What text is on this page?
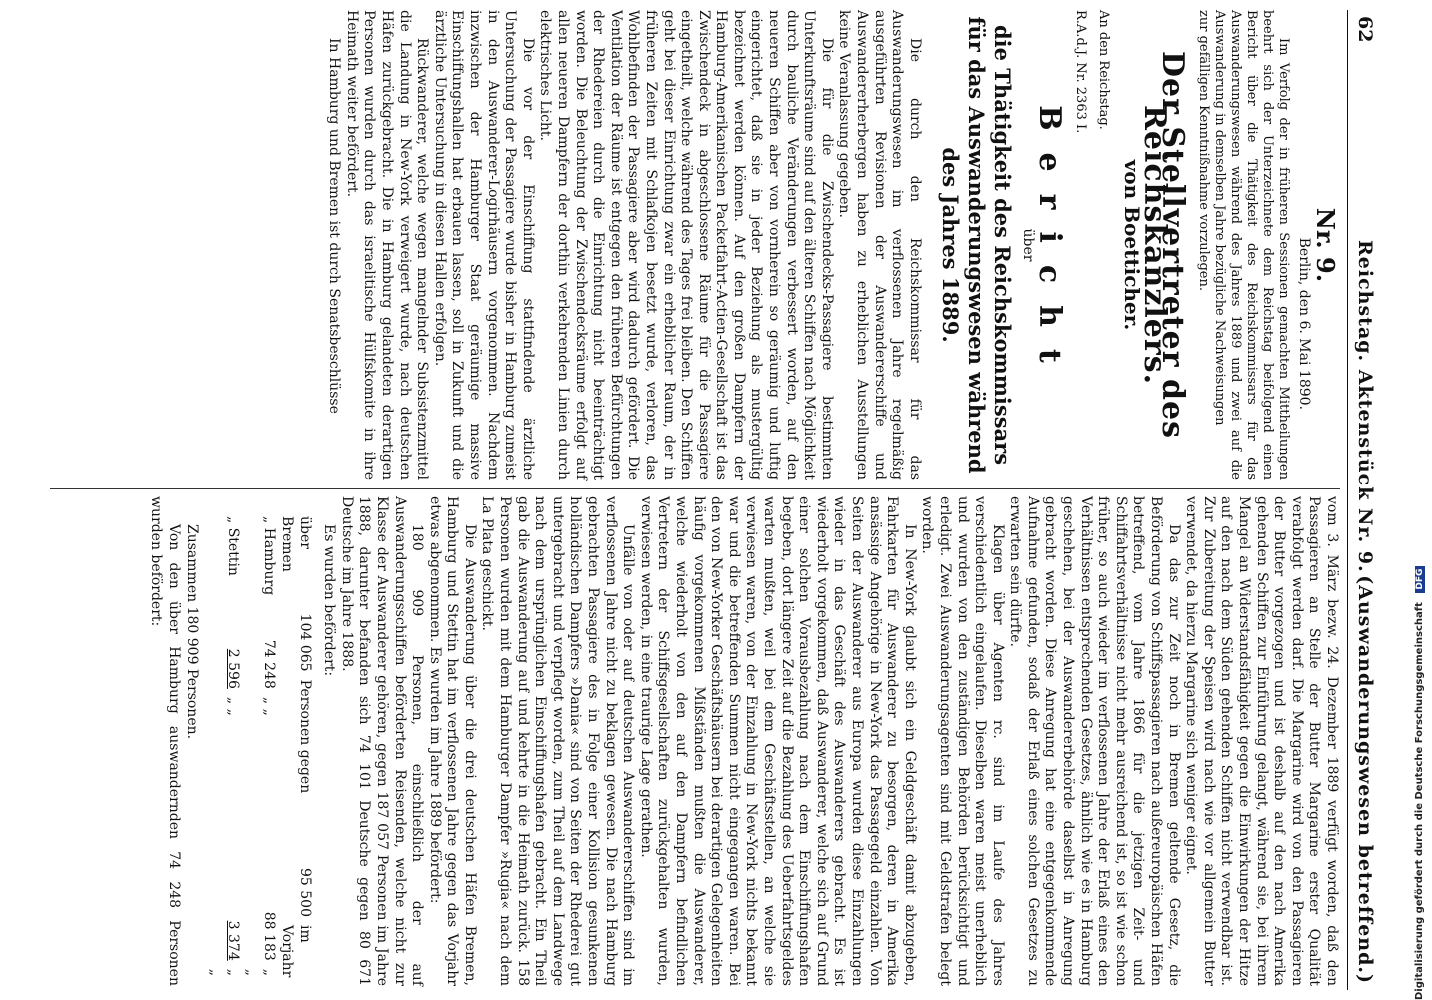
62
Reichstag. Aktenstück Nr. 9.
(Auswanderungswesen betreffend.)
Nr. 9.
Berlin, den 6. Mai 1890.

Im Verfolg der in früheren Sessionen gemachten Mittheilungen beehrt sich der Unterzeichnete dem Reichstag beifolgend einen Bericht über die Thätigkeit des Reichskommissars für das Auswanderungswesen während des Jahres 1889 und zwei auf die Auswanderung in demselben Jahre bezügliche Nachweisungen

zur gefälligen Kenntnißnahme vorzulegen.

Der Stellvertreter des Reichskanzlers.
von Boetticher.
An den Reichstag.
R.A.d.J. Nr. 2363 I.
Bericht
über
die Thätigkeit des Reichskommissars für das Auswanderungswesen während des Jahres 1889.

Die durch den Reichskommissar für das Auswanderungswesen im verflossenen Jahre regelmäßig ausgeführten Revisionen der Auswandererschiffe und Auswandererherbergen haben zu erheblichen Ausstellungen keine Veranlassung gegeben.

Die für die Zwischendecks-Passagiere bestimmten Unterkunftsräume sind auf den älteren Schiffen nach Möglichkeit durch bauliche Veränderungen verbessert worden, auf den neueren Schiffen aber von vornherein so geräumig und luftig eingerichtet, daß sie in jeder Beziehung als mustergültig bezeichnet werden können. Auf den großen Dampfern der Hamburg-Amerikanischen Packetfahrt-Actien-Gesellschaft ist das Zwischendeck in abgeschlossene Räume für die Passagiere eingetheilt, welche während des Tages frei bleiben. Den Schiffen geht bei dieser Einrichtung zwar ein erheblicher Raum, der in früheren Zeiten mit Schlafkojen besetzt wurde, verloren, das Wohlbefinden der Passagiere aber wird dadurch gefördert. Die Ventilation der Räume ist entgegen den früheren Befürchtungen der Rhedereien durch die Einrichtung nicht beeinträchtigt worden. Die Beleuchtung der Zwischendecksräume erfolgt auf allen neueren Dampfern der dorthin verkehrenden Linien durch elektrisches Licht.

Die vor der Einschiffung stattfindende ärztliche Untersuchung der Passagiere wurde bisher in Hamburg zumeist in den Auswanderer-Logirhäusern vorgenommen. Nachdem inzwischen der Hamburger Staat geräumige massive Einschiffungshallen hat erbauen lassen, soll in Zukunft und die ärztliche Untersuchung in diesen Hallen erfolgen.

Rückwanderer, welche wegen mangelnder Subsistenzmittel die Landung in New-York verweigert wurde, nach deutschen Häfen zurückgebracht. Die in Hamburg gelandeten derartigen Personen wurden durch das israelitische Hülfskomite in ihre Heimath weiter befördert.

In Hamburg und Bremen ist durch Senatsbeschlüsse

vom 3. März bezw. 24. Dezember 1889 verfügt worden, daß den Passagieren an Stelle der Butter Margarine erster Qualität verabfolgt werden darf. Die Margarine wird von den Passagieren der Butter vorgezogen und ist deshalb auf den nach Amerika gehenden Schiffen zur Einführung gelangt, während sie, bei ihrem Mangel an Widerstandsfähigkeit gegen die Einwirkungen der Hitze auf den nach dem Süden gehenden Schiffen nicht verwendbar ist. Zur Zubereitung der Speisen wird nach wie vor allgemein Butter verwendet, da hierzu Margarine sich weniger eignet.

Da das zur Zeit noch in Bremen geltende Gesetz, die Beförderung von Schiffspassagieren nach außereuropäischen Häfen betreffend, vom Jahre 1866 für die jetzigen Zeit- und Schiffahrtsverhältnisse nicht mehr ausreichend ist, so ist wie schon früher, so auch wieder im verflossenen Jahre der Erlaß eines den Verhältnissen entsprechenden Gesetzes, ähnlich wie es in Hamburg geschehen, bei der Auswandererbehörde daselbst in Anregung gebracht worden. Diese Anregung hat eine entgegenkommende Aufnahme gefunden, sodaß der Erlaß eines solchen Gesetzes zu erwarten sein dürfte.

Klagen über Agenten rc. sind im Laufe des Jahres verschiedentlich eingelaufen. Dieselben waren meist unerheblich und wurden von den zuständigen Behörden berücksichtigt und erledigt. Zwei Auswanderungsagenten sind mit Geldstrafen belegt worden.

In New-York glaubt sich ein Geldgeschäft damit abzugeben, Fahrkarten für Auswanderer zu besorgen, deren in Amerika ansässige Angehörige in New-York das Passagegeld einzahlen. Von Seiten der Auswanderer aus Europa wurden diese Einzahlungen wieder in das Geschäft des Auswanderers gebracht. Es ist wiederholt vorgekommen, daß Auswanderer, welche sich auf Grund einer solchen Vorausbezahlung nach dem Einschiffungshafen begeben, dort längere Zeit auf die Bezahlung des Ueberfahrtsgeldes warten mußten, weil bei dem Geschäftsstellen, an welche sie verwiesen waren, von der Einzahlung in New-York nichts bekannt war und die betreffenden Summen nicht eingegangen waren. Bei den von New-Yorker Geschäftshäusern bei derartigen Gelegenheiten häufig vorgekommenen Mißständen mußten die Auswanderer, welche wiederholt von den auf den Dampfern befindlichen Vertretern der Schiffsgesellschaften zurückgehalten wurden, verwiesen werden, in eine traurige Lage gerathen.

Unfälle von oder auf deutschen Auswandererschiffen sind im verflossenen Jahre nicht zu beklagen gewesen. Die nach Hamburg gebrachten Passagiere des in Folge einer Kollision gesunkenen holländischen Dampfers »Dania« sind von Seiten der Rhederei gut untergebracht und verpflegt worden, zum Theil auf dem Landwege nach dem ursprünglichen Einschiffungshafen gebracht. Ein Theil gab die Auswanderung auf und kehrte in die Heimath zurück. 158 Personen wurden mit dem Hamburger Dampfer »Rugia« nach dem La Plata geschickt.

Die Auswanderung über die drei deutschen Häfen Bremen, Hamburg und Stettin hat im verflossenen Jahre gegen das Vorjahr etwas abgenommen. Es wurden im Jahre 1889 befördert:

180 909 Personen, einschließlich der auf Auswanderungsschiffen beförderten Reisenden, welche nicht zur Klasse der Auswanderer gehören, gegen 187 057 Personen im Jahre 1888, darunter befanden sich 74 101 Deutsche gegen 80 671 Deutsche im Jahre 1888.

Es wurden befördert:

über Bremen
104 065
Personen gegen
95 500
im Vorjahr
„ Hamburg
74 248
„ „
88 183
„ „
„ Stettin
2 596
„ „
3 374
„ „

Zusammen 180 909 Personen.

Von den über Hamburg auswandernden 74 248 Personen wurden befördert:

Digitalisierung gefördert durch die Deutsche Forschungsgemeinschaft DFG
